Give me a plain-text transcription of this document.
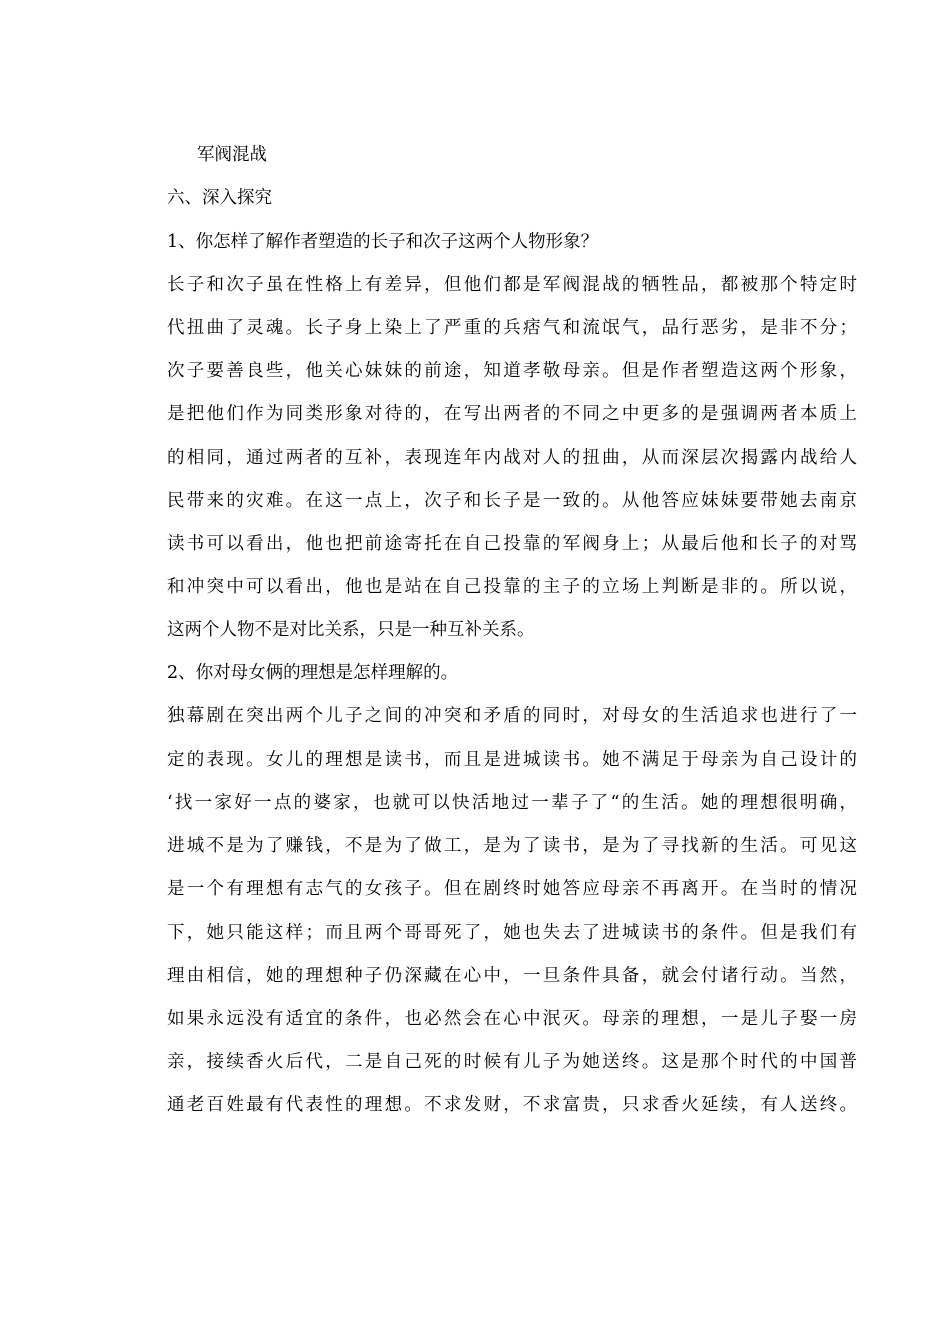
军阀混战
六、深入探究
1、你怎样了解作者塑造的长子和次子这两个人物形象？
长子和次子虽在性格上有差异，但他们都是军阀混战的牺牲品，都被那个特定时
代扭曲了灵魂。长子身上染上了严重的兵痞气和流氓气，品行恶劣，是非不分；
次子要善良些，他关心妹妹的前途，知道孝敬母亲。但是作者塑造这两个形象，
是把他们作为同类形象对待的，在写出两者的不同之中更多的是强调两者本质上
的相同，通过两者的互补，表现连年内战对人的扭曲，从而深层次揭露内战给人
民带来的灾难。在这一点上，次子和长子是一致的。从他答应妹妹要带她去南京
读书可以看出，他也把前途寄托在自己投靠的军阀身上；从最后他和长子的对骂
和冲突中可以看出，他也是站在自己投靠的主子的立场上判断是非的。所以说，
这两个人物不是对比关系，只是一种互补关系。
2、你对母女俩的理想是怎样理解的。
独幕剧在突出两个儿子之间的冲突和矛盾的同时，对母女的生活追求也进行了一
定的表现。女儿的理想是读书，而且是进城读书。她不满足于母亲为自己设计的
‘找一家好一点的婆家，也就可以快活地过一辈子了“的生活。她的理想很明确，
进城不是为了赚钱，不是为了做工，是为了读书，是为了寻找新的生活。可见这
是一个有理想有志气的女孩子。但在剧终时她答应母亲不再离开。在当时的情况
下，她只能这样；而且两个哥哥死了，她也失去了进城读书的条件。但是我们有
理由相信，她的理想种子仍深藏在心中，一旦条件具备，就会付诸行动。当然，
如果永远没有适宜的条件，也必然会在心中泯灭。母亲的理想，一是儿子娶一房
亲，接续香火后代，二是自己死的时候有儿子为她送终。这是那个时代的中国普
通老百姓最有代表性的理想。不求发财，不求富贵，只求香火延续，有人送终。
